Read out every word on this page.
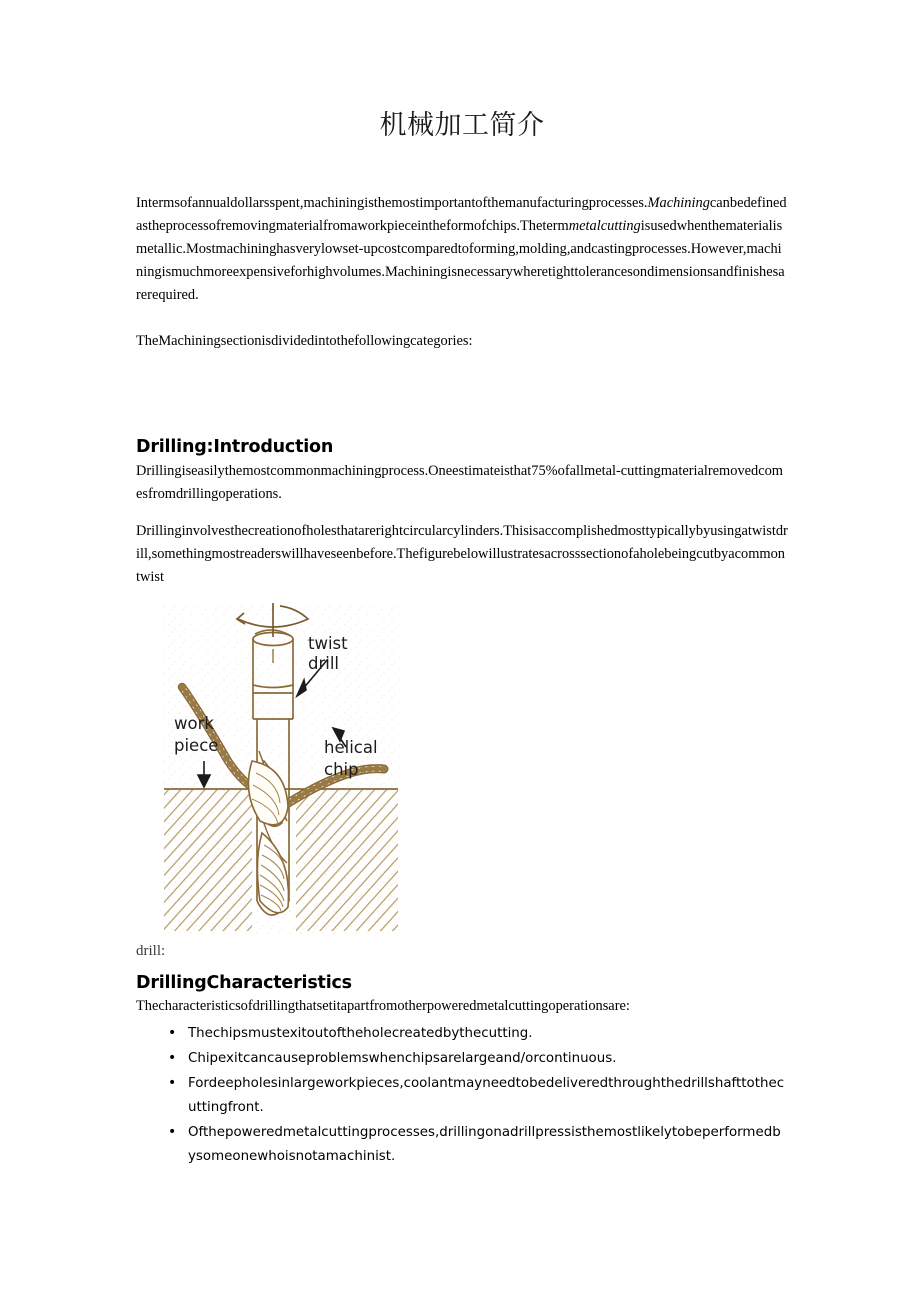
机械加工简介

Intermsofannualdollarsspent,machiningisthemostimportantofthemanufacturingprocesses.Machiningcanbedefinedastheprocessofremovingmaterialfromaworkpieceintheformofchips.Thetermmetalcuttingisusedwhenthematerialismetallic.Mostmachininghasverylowset-upcostcomparedtoforming,molding,andcastingprocesses.However,machiningismuchmoreexpensiveforhighvolumes.Machiningisnecessarywheretighttolerancesondimensionsandfinishesarerequired.

TheMachiningsectionisdividedintothefollowingcategories:

Drilling:Introduction

Drillingiseasilythemostcommonmachiningprocess.Oneestimateisthat75%ofallmetal-cuttingmaterialremovedcomesfromdrillingoperations.

Drillinginvolvesthecreationofholesthatarerightcircularcylinders.Thisisaccomplishedmosttypicallybyusingatwistdrill,somethingmostreaderswillhaveseenbefore.Thefigurebelowillustratesacrosssectionofaholebeingcutbyacommontwist

twist
drill
work
piece	helical
chip

drill:

DrillingCharacteristics

Thecharacteristicsofdrillingthatsetitapartfromotherpoweredmetalcuttingoperationsare:

• Thechipsmustexitoutoftheholecreatedbythecutting.
• Chipexitcancauseproblemswhenchipsarelargeand/orcontinuous.
• Fordeepholesinlargeworkpieces,coolantmayneedtobedeliveredthroughthedrillshafttothecuttingfront.
• Ofthepoweredmetalcuttingprocesses,drillingonadrillpressisthemostlikelytobeperformedbysomeonewhoisnotamachinist.
